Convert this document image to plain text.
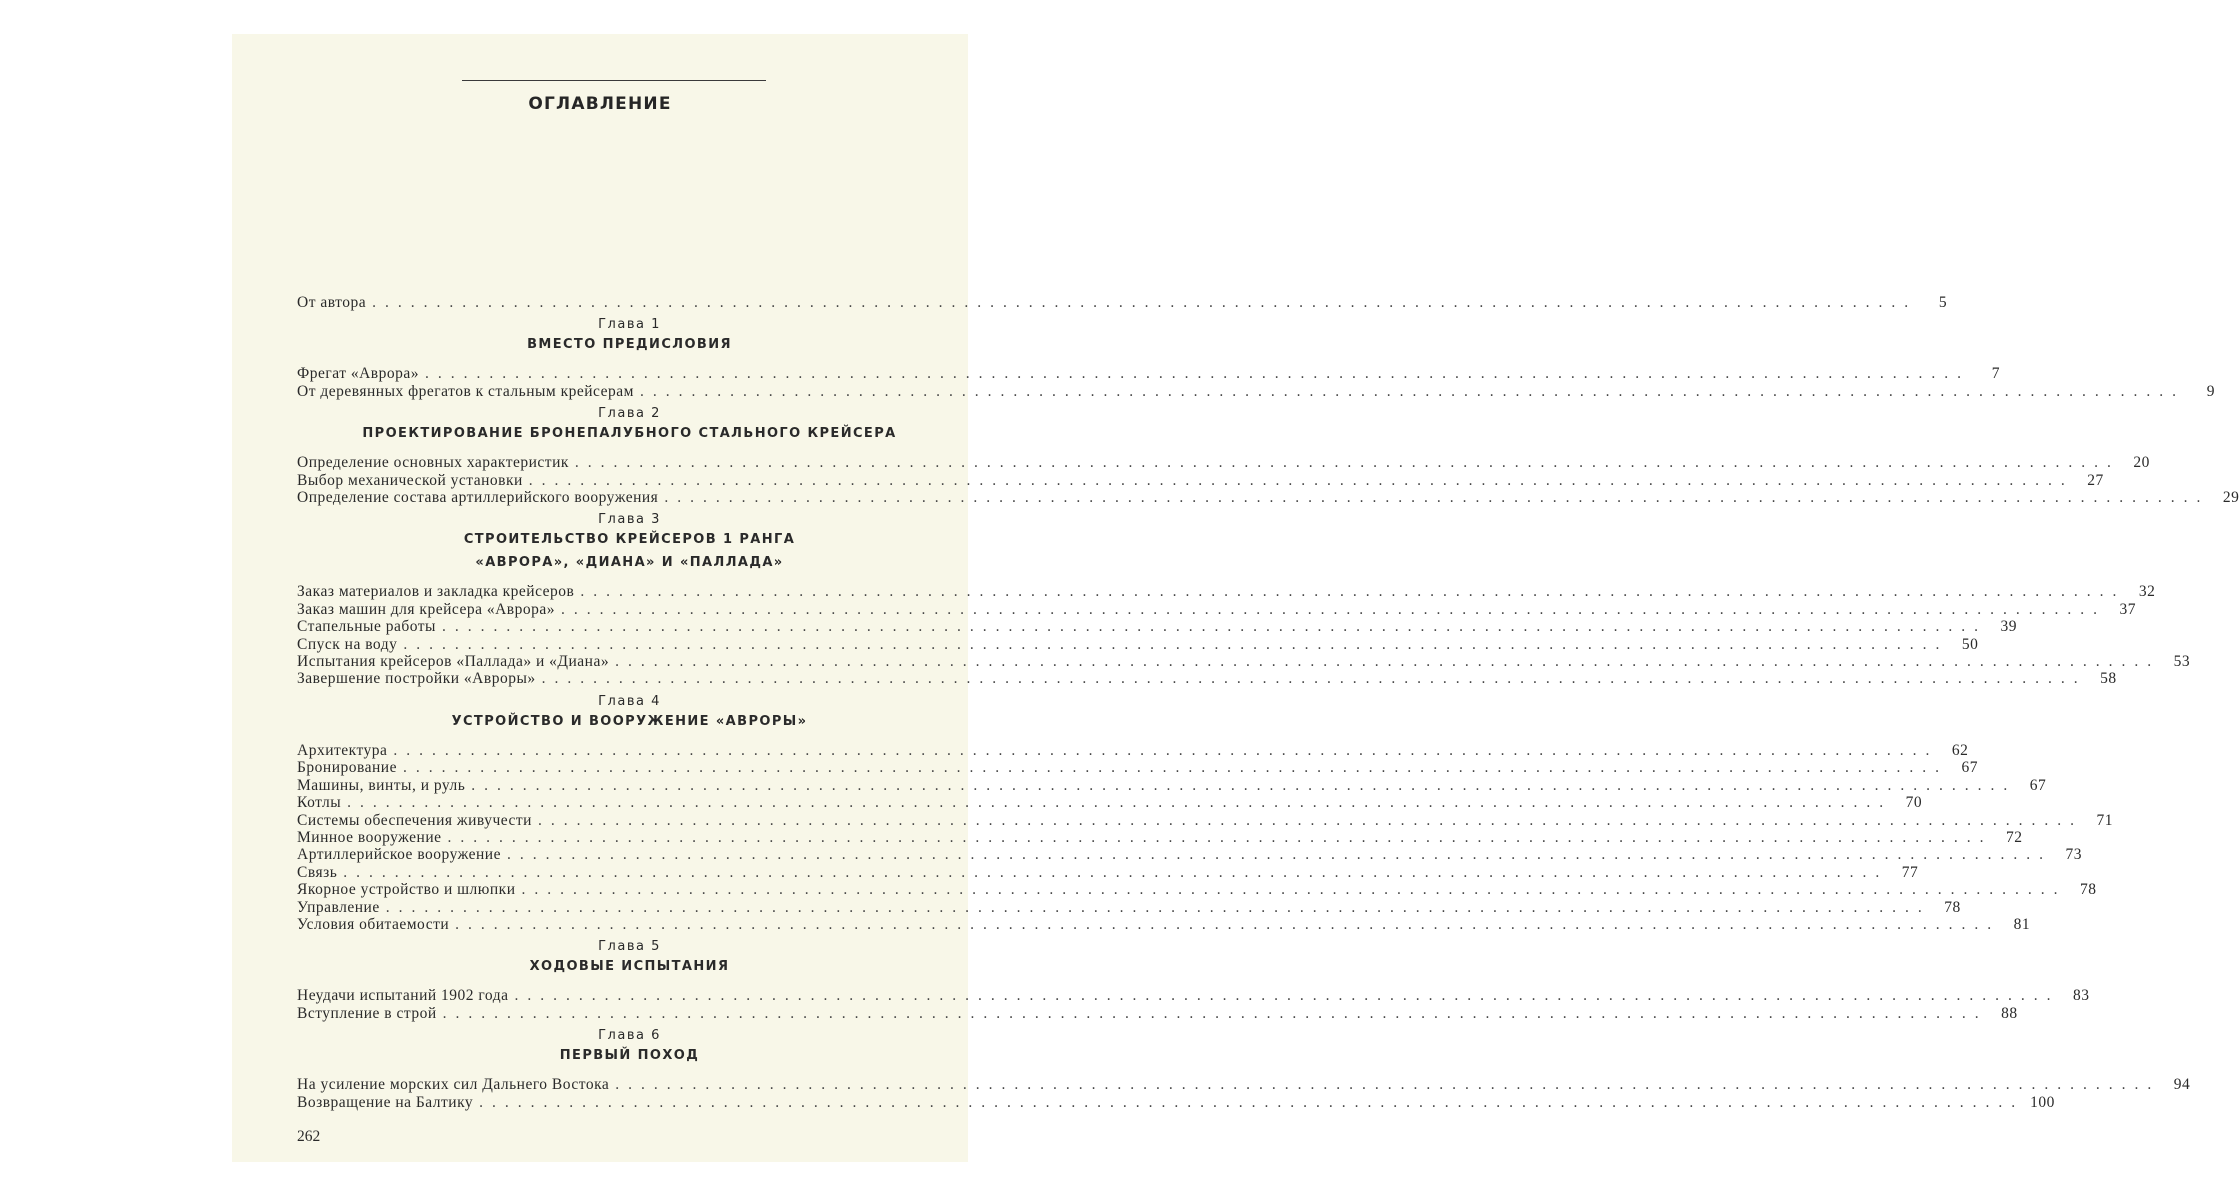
ОГЛАВЛЕНИЕ
От автора ........................................................................................................................	5
Глава 1
ВМЕСТО ПРЕДИСЛОВИЯ
Фрегат «Аврора» ........................................................................................................................	7
От деревянных фрегатов к стальным крейсерам ........................................................................................................................	9
Глава 2
ПРОЕКТИРОВАНИЕ БРОНЕПАЛУБНОГО СТАЛЬНОГО КРЕЙСЕРА
Определение основных характеристик ........................................................................................................................ 20
Выбор механической установки ........................................................................................................................ 27
Определение состава артиллерийского вооружения ........................................................................................................................ 29
Глава 3
СТРОИТЕЛЬСТВО КРЕЙСЕРОВ 1 РАНГА
«АВРОРА», «ДИАНА» И «ПАЛЛАДА»
Заказ материалов и закладка крейсеров ........................................................................................................................ 32
Заказ машин для крейсера «Аврора» ........................................................................................................................ 37
Стапельные работы ........................................................................................................................ 39
Спуск на воду ........................................................................................................................ 50
Испытания крейсеров «Паллада» и «Диана» ........................................................................................................................ 53
Завершение постройки «Авроры» ........................................................................................................................ 58
Глава 4
УСТРОЙСТВО И ВООРУЖЕНИЕ «АВРОРЫ»
Архитектура ........................................................................................................................ 62
Бронирование ........................................................................................................................ 67
Машины, винты, и руль ........................................................................................................................ 67
Котлы ........................................................................................................................ 70
Системы обеспечения живучести ........................................................................................................................ 71
Минное вооружение ........................................................................................................................ 72
Артиллерийское вооружение ........................................................................................................................ 73
Связь ........................................................................................................................ 77
Якорное устройство и шлюпки ........................................................................................................................ 78
Управление ........................................................................................................................ 78
Условия обитаемости ........................................................................................................................ 81
Глава 5
ХОДОВЫЕ ИСПЫТАНИЯ
Неудачи испытаний 1902 года ........................................................................................................................ 83
Вступление в строй ........................................................................................................................ 88
Глава 6
ПЕРВЫЙ ПОХОД
На усиление морских сил Дальнего Востока ........................................................................................................................ 94
Возвращение на Балтику ........................................................................................................................ 100
262
